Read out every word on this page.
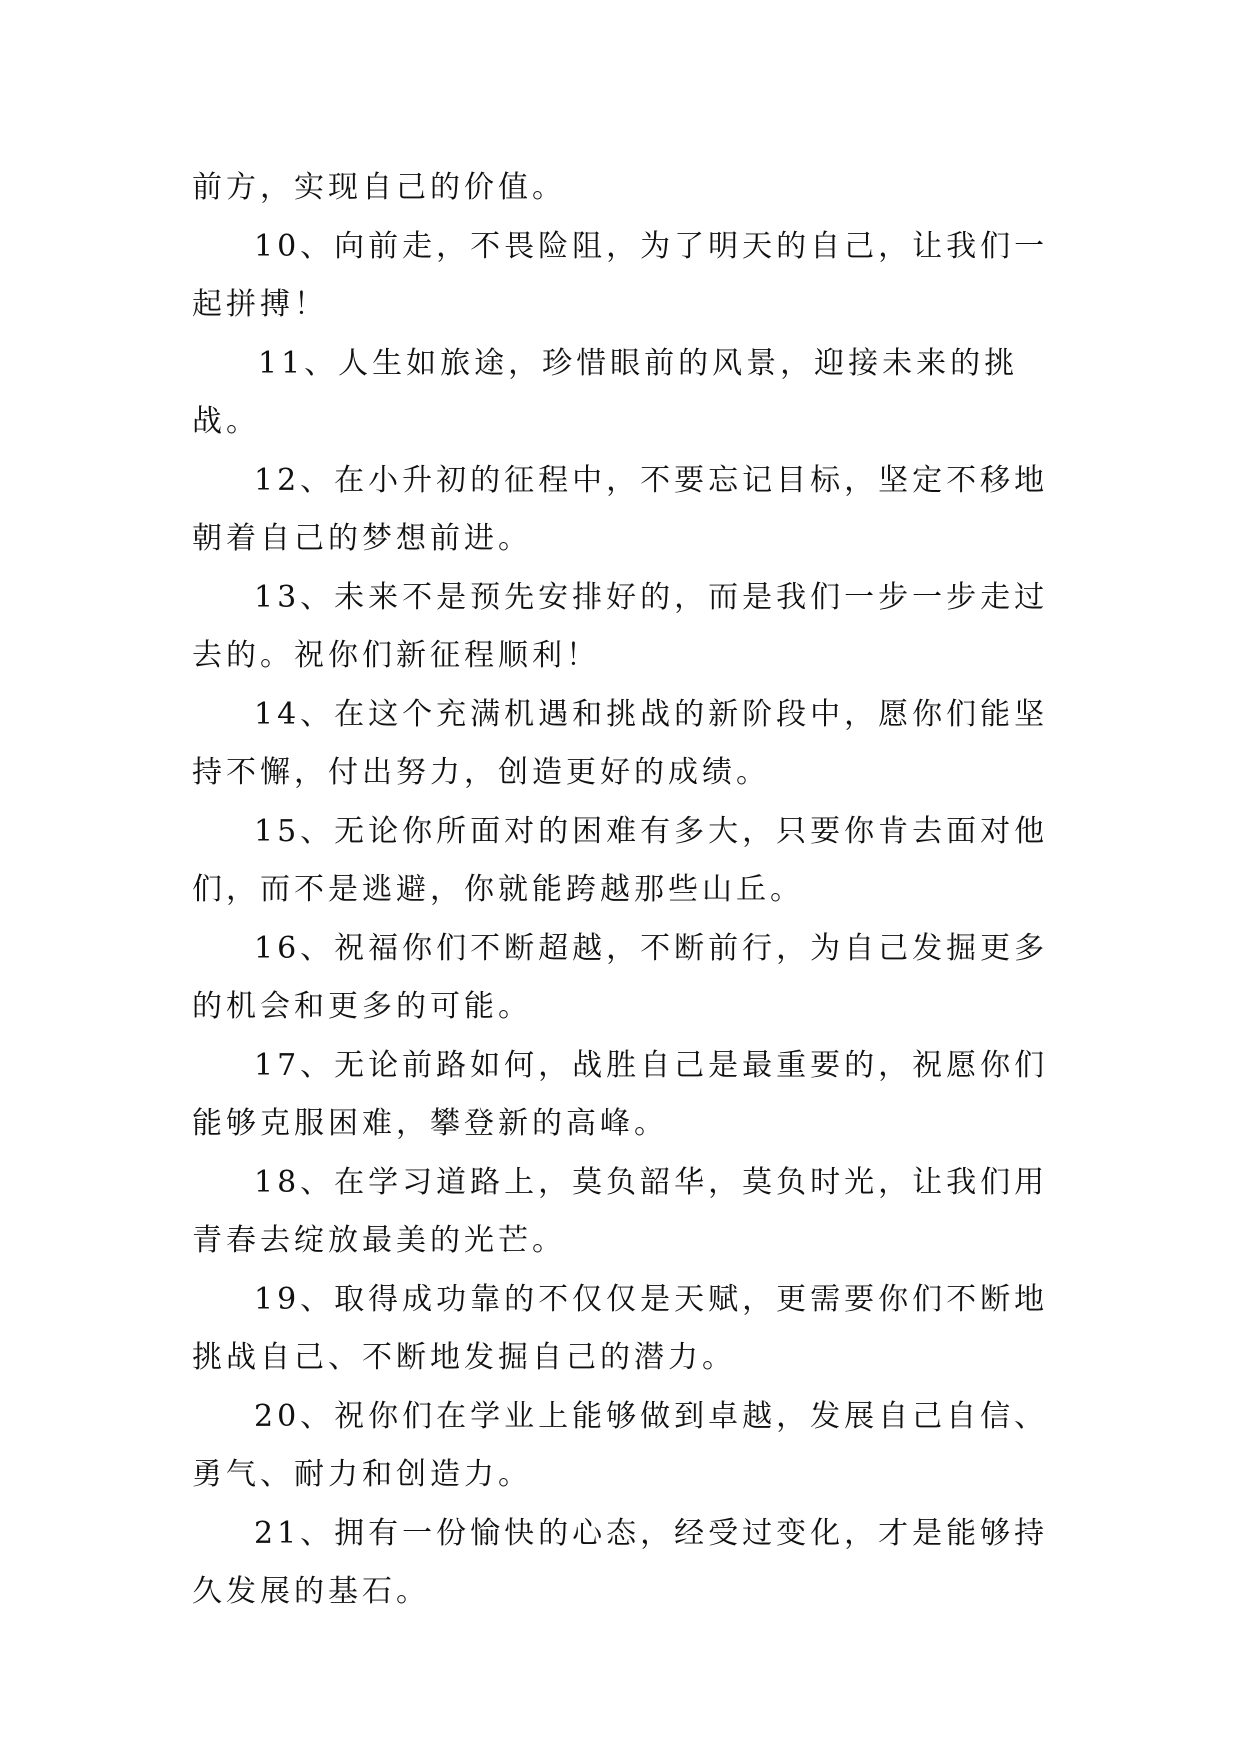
前方，实现自己的价值。

10、向前走，不畏险阻，为了明天的自己，让我们一起拼搏！

11、人生如旅途，珍惜眼前的风景，迎接未来的挑战。

12、在小升初的征程中，不要忘记目标，坚定不移地朝着自己的梦想前进。

13、未来不是预先安排好的，而是我们一步一步走过去的。祝你们新征程顺利！

14、在这个充满机遇和挑战的新阶段中，愿你们能坚持不懈，付出努力，创造更好的成绩。

15、无论你所面对的困难有多大，只要你肯去面对他们，而不是逃避，你就能跨越那些山丘。

16、祝福你们不断超越，不断前行，为自己发掘更多的机会和更多的可能。

17、无论前路如何，战胜自己是最重要的，祝愿你们能够克服困难，攀登新的高峰。

18、在学习道路上，莫负韶华，莫负时光，让我们用青春去绽放最美的光芒。

19、取得成功靠的不仅仅是天赋，更需要你们不断地挑战自己、不断地发掘自己的潜力。

20、祝你们在学业上能够做到卓越，发展自己自信、勇气、耐力和创造力。

21、拥有一份愉快的心态，经受过变化，才是能够持久发展的基石。
